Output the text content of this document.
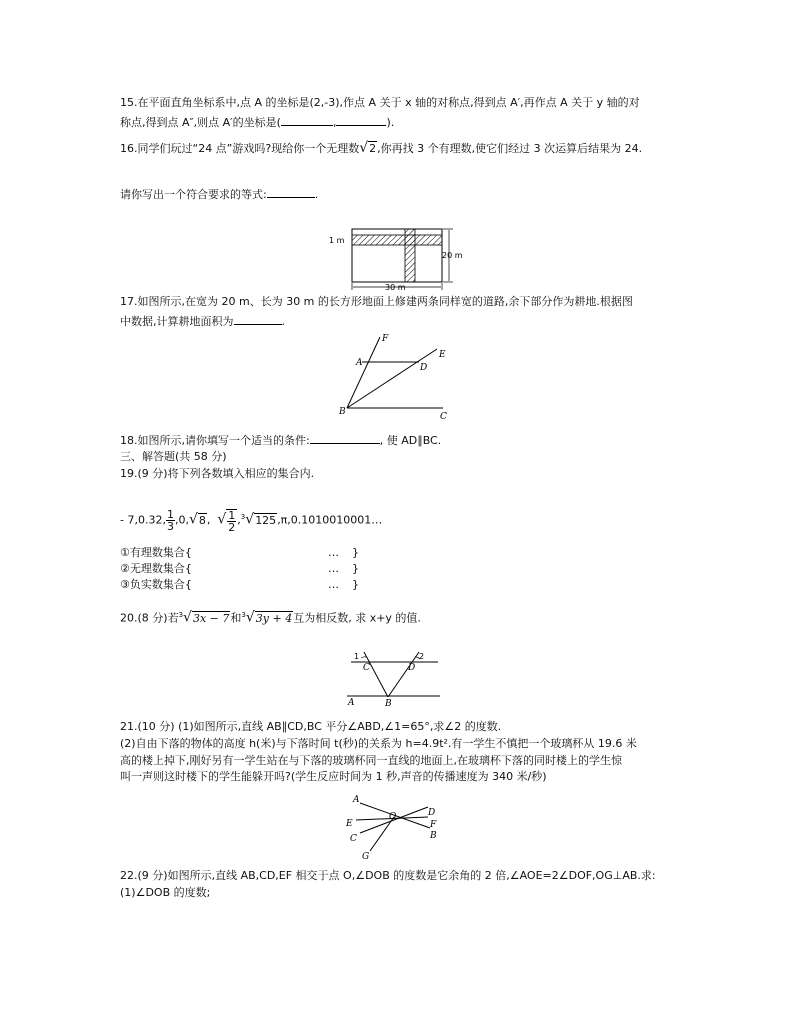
15.在平面直角坐标系中,点 A 的坐标是(2,-3),作点 A 关于 x 轴的对称点,得到点 A′,再作点 A 关于 y 轴的对
称点,得到点 A″,则点 A′的坐标是(	,	).
16.同学们玩过“24 点”游戏吗?现给你一个无理数√2,你再找 3 个有理数,使它们经过 3 次运算后结果为 24.
请你写出一个符合要求的等式:	.
1 m
20 m
30 m
17.如图所示,在宽为 20 m、长为 30 m 的长方形地面上修建两条同样宽的道路,余下部分作为耕地.根据图
中数据,计算耕地面积为	.
F
A	D
E
B	C
18.如图所示,请你填写一个适当的条件:	, 使 AD∥BC.
三、解答题(共 58 分)
19.(9 分)将下列各数填入相应的集合内.
- 7,0.32, $\frac{1}{3} ,0,√8$, √ $\frac{1}{2}$ ,$^3$√125,π,0.1010010001…
①有理数集合{	… }
②无理数集合{	… }
③负实数集合{	… }
20.(8 分)若$^3$√3x − 7和$^3$√3y + 4互为相反数, 求 x+y 的值.
1
C
2
D
A	B
21.(10 分) (1)如图所示,直线 AB∥CD,BC 平分∠ABD,∠1=65°,求∠2 的度数.
(2)自由下落的物体的高度 h(米)与下落时间 t(秒)的关系为 h=4.9t².有一学生不慎把一个玻璃杯从 19.6 米
高的楼上掉下,刚好另有一学生站在与下落的玻璃杯同一直线的地面上,在玻璃杯下落的同时楼上的学生惊
叫一声则这时楼下的学生能躲开吗?(学生反应时间为 1 秒,声音的传播速度为 340 米/秒)
A
D
E
O
F
C	B
G
22.(9 分)如图所示,直线 AB,CD,EF 相交于点 O,∠DOB 的度数是它余角的 2 倍,∠AOE=2∠DOF,OG⊥AB.求:
(1)∠DOB 的度数;
